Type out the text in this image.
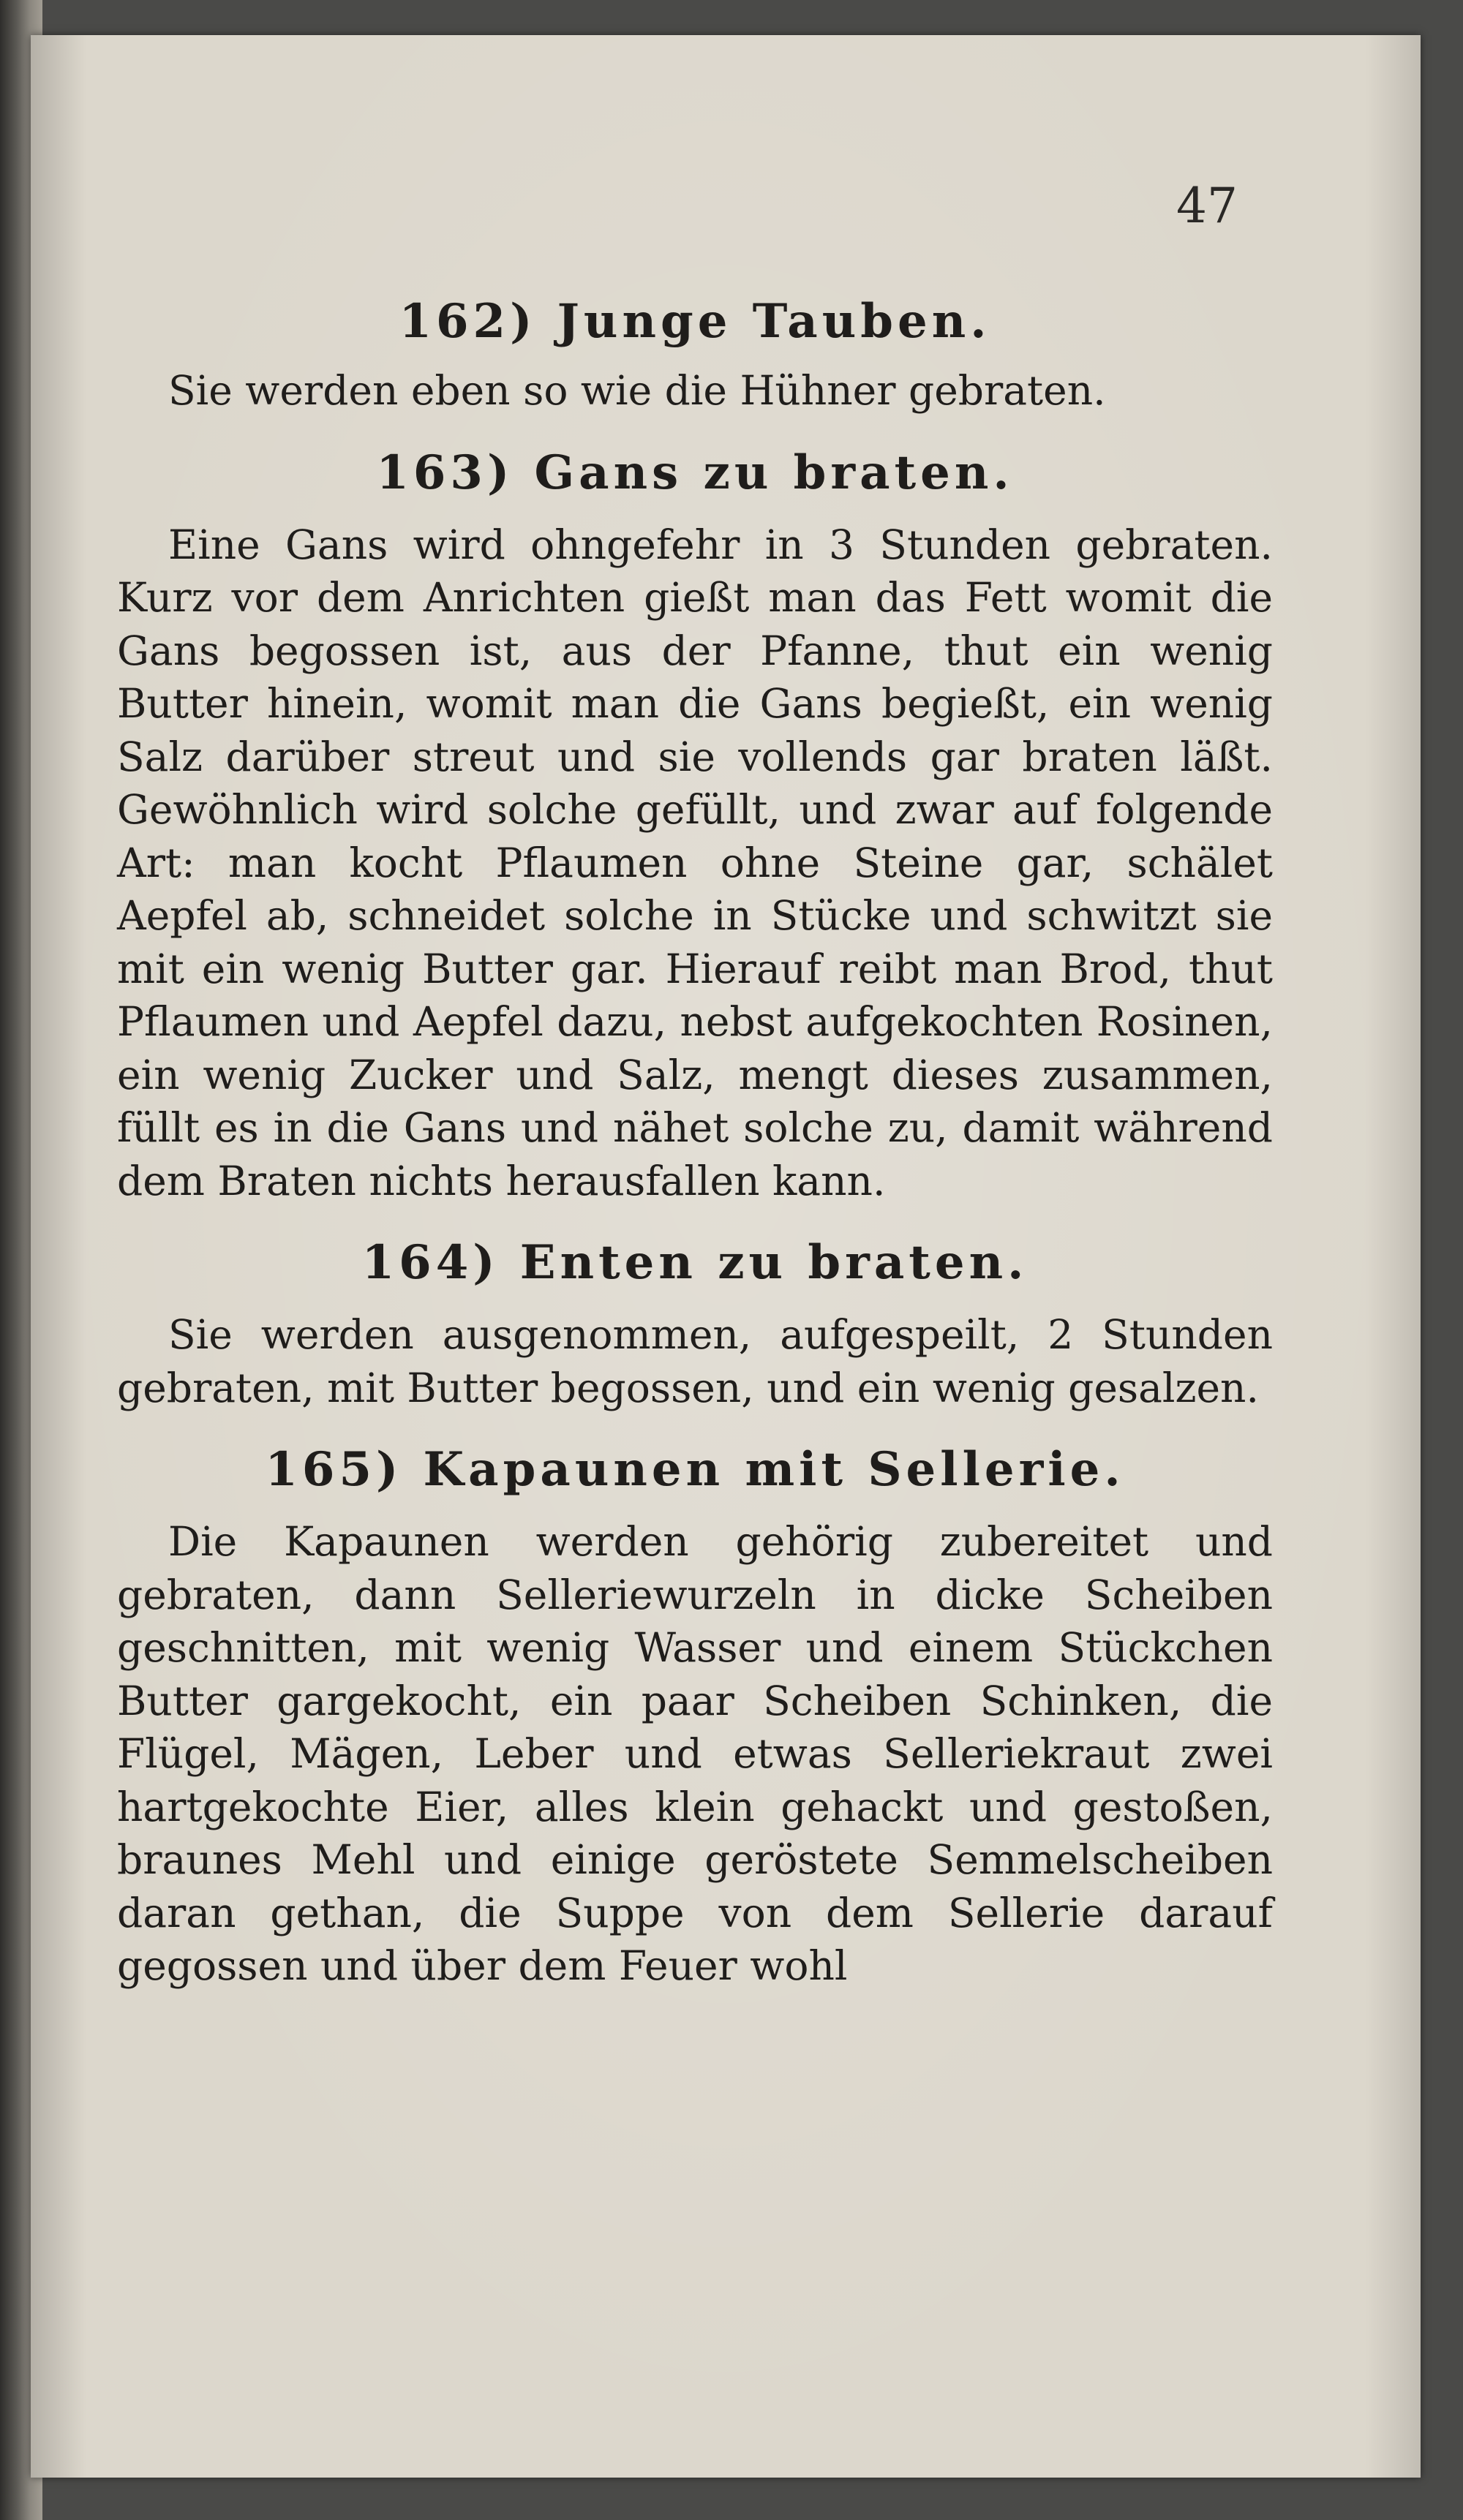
47
162) Junge Tauben.

Sie werden eben so wie die Hühner gebraten.

163) Gans zu braten.

Eine Gans wird ohngefehr in 3 Stunden gebraten. Kurz vor dem Anrichten gießt man das Fett womit die Gans begossen ist, aus der Pfanne, thut ein wenig Butter hinein, womit man die Gans begießt, ein wenig Salz darüber streut und sie vollends gar braten läßt. Gewöhnlich wird solche gefüllt, und zwar auf folgende Art: man kocht Pflaumen ohne Steine gar, schälet Aepfel ab, schneidet solche in Stücke und schwitzt sie mit ein wenig Butter gar. Hierauf reibt man Brod, thut Pflaumen und Aepfel dazu, nebst aufgekochten Rosinen, ein wenig Zucker und Salz, mengt dieses zusammen, füllt es in die Gans und nähet solche zu, damit während dem Braten nichts herausfallen kann.

164) Enten zu braten.

Sie werden ausgenommen, aufgespeilt, 2 Stunden gebraten, mit Butter begossen, und ein wenig gesalzen.

165) Kapaunen mit Sellerie.

Die Kapaunen werden gehörig zubereitet und gebraten, dann Selleriewurzeln in dicke Scheiben geschnitten, mit wenig Wasser und einem Stückchen Butter gargekocht, ein paar Scheiben Schinken, die Flügel, Mägen, Leber und etwas Selleriekraut zwei hartgekochte Eier, alles klein gehackt und gestoßen, braunes Mehl und einige geröstete Semmelscheiben daran gethan, die Suppe von dem Sellerie darauf gegossen und über dem Feuer wohl
